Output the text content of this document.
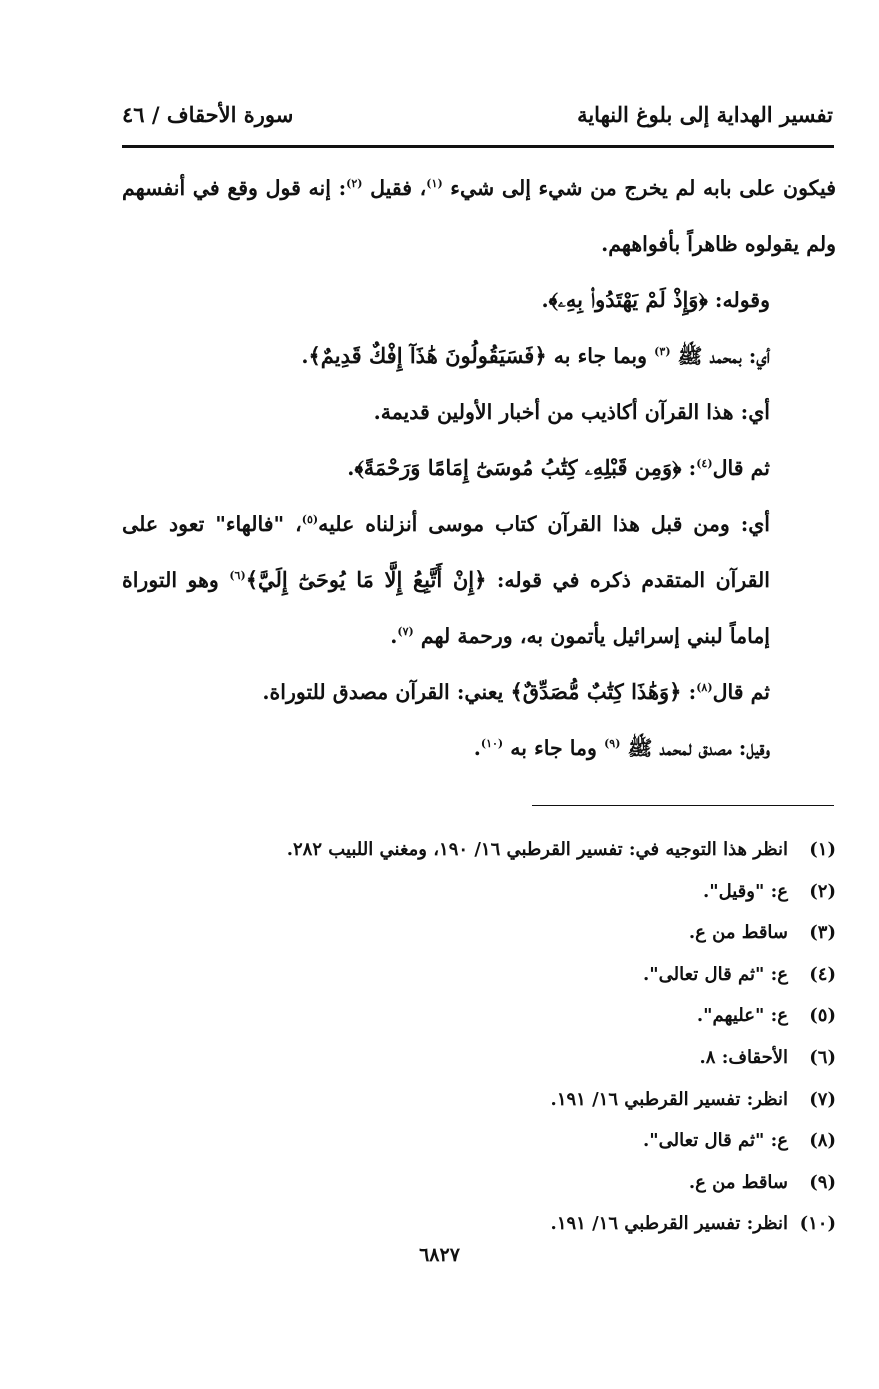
تفسير الهداية إلى بلوغ النهاية
سورة الأحقاف / ٤٦

فيكون على بابه لم يخرج من شيء إلى شيء $^{(١)}$، فقيل $^{(٢)}$: إنه قول وقع في أنفسهم ولم يقولوه ظاهراً بأفواههم.

وقوله: ﴿وَإِذْ لَمْ يَهْتَدُوا۟ بِهِۦ﴾.

أي: بمحمد ﷺ $^{(٣)}$ وبما جاء به ﴿فَسَيَقُولُونَ هَٰذَآ إِفْكٌ قَدِيمٌ﴾.

أي: هذا القرآن أكاذيب من أخبار الأولين قديمة.

ثم قال$^{(٤)}$: ﴿وَمِن قَبْلِهِۦ كِتَٰبُ مُوسَىٰٓ إِمَامًا وَرَحْمَةً﴾.

أي: ومن قبل هذا القرآن كتاب موسى أنزلناه عليه$^{(٥)}$، "فالهاء" تعود على القرآن المتقدم ذكره في قوله: ﴿إِنْ أَتَّبِعُ إِلَّا مَا يُوحَىٰٓ إِلَيَّ﴾$^{(٦)}$ وهو التوراة إماماً لبني إسرائيل يأتمون به، ورحمة لهم $^{(٧)}$.

ثم قال$^{(٨)}$: ﴿وَهَٰذَا كِتَٰبٌ مُّصَدِّقٌ﴾ يعني: القرآن مصدق للتوراة.

وقيل: مصدق لمحمد ﷺ $^{(٩)}$ وما جاء به $^{(١٠)}$.

(١)انظر هذا التوجيه في: تفسير القرطبي ١٦/ ١٩٠، ومغني اللبيب ٢٨٢.
(٢)ع: "وقيل".
(٣)ساقط من ع.
(٤)ع: "ثم قال تعالى".
(٥)ع: "عليهم".
(٦)الأحقاف: ٨.
(٧)انظر: تفسير القرطبي ١٦/ ١٩١.
(٨)ع: "ثم قال تعالى".
(٩)ساقط من ع.
(١٠)انظر: تفسير القرطبي ١٦/ ١٩١.
٦٨٢٧
